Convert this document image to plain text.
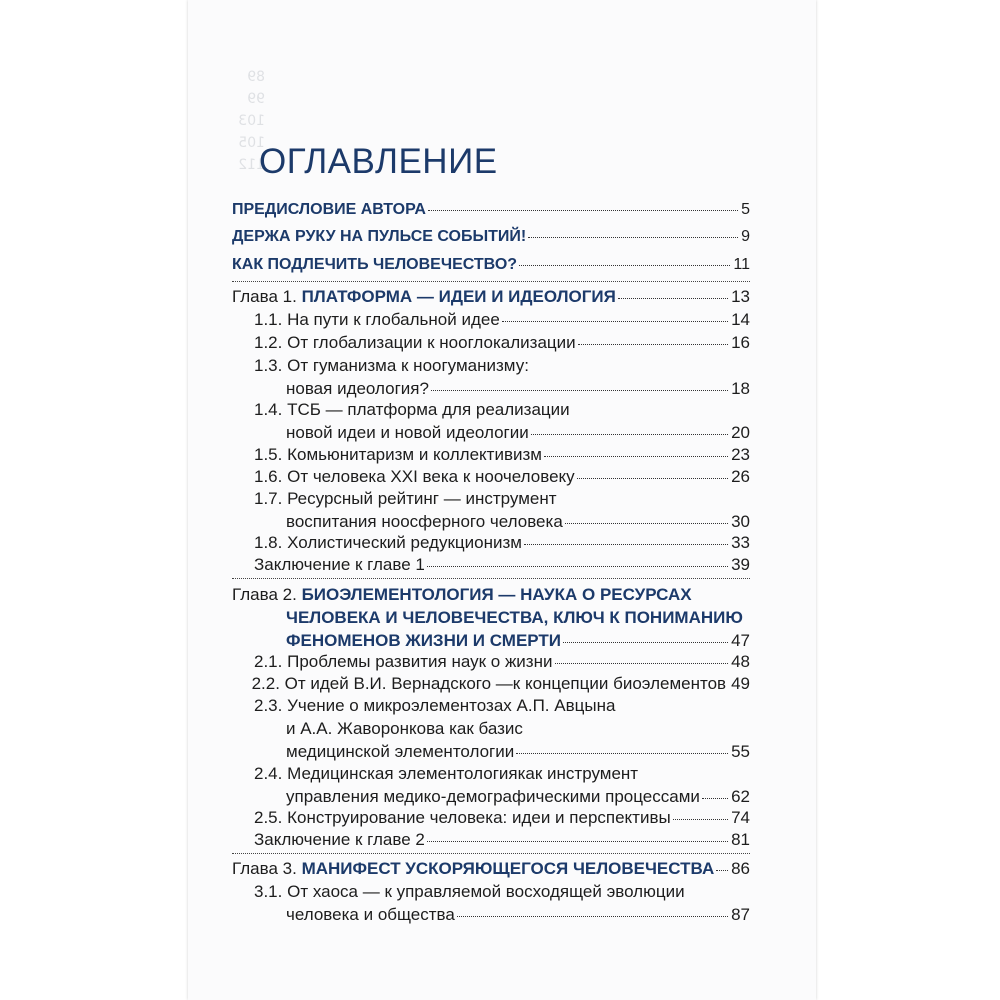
89
99
103
105
112
ОГЛАВЛЕНИЕ
ПРЕДИСЛОВИЕ АВТОРА	5
ДЕРЖА РУКУ НА ПУЛЬСЕ СОБЫТИЙ!	9
КАК ПОДЛЕЧИТЬ ЧЕЛОВЕЧЕСТВО?	11
Глава 1.
ПЛАТФОРМА — ИДЕИ И ИДЕОЛОГИЯ	13
1.1.
На пути к глобальной идее	14
1.2.
От глобализации к нооглокализации	16
1.3.
От гуманизма к ноогуманизму:
новая идеология?	18
1.4.
ТСБ — платформа для реализации
новой идеи и новой идеологии	20
1.5.
Комьюнитаризм и коллективизм	23
1.6.
От человека XXI века к ноочеловеку	26
1.7.
Ресурсный рейтинг — инструмент
воспитания ноосферного человека	30
1.8.
Холистический редукционизм	33
Заключение к главе 1	39
Глава 2.
БИОЭЛЕМЕНТОЛОГИЯ — НАУКА О РЕСУРСАХ
ЧЕЛОВЕКА И ЧЕЛОВЕЧЕСТВА, КЛЮЧ К ПОНИМАНИЮ
ФЕНОМЕНОВ ЖИЗНИ И СМЕРТИ	47
2.1.
Проблемы развития наук о жизни	48
2.2.
От идей В.И. Вернадского —к концепции биоэлементов 49
2.3.
Учение о микроэлементозах А.П. Авцына
и А.А. Жаворонкова как базис
медицинской элементологии	55
2.4.
Медицинская элементологиякак инструмент
управления медико-демографическими процессами 62
2.5.
Конструирование человека: идеи и перспективы	74
Заключение к главе 2	81
Глава 3.
МАНИФЕСТ УСКОРЯЮЩЕГОСЯ ЧЕЛОВЕЧЕСТВА 86
3.1.
От хаоса — к управляемой восходящей эволюции
человека и общества	87
